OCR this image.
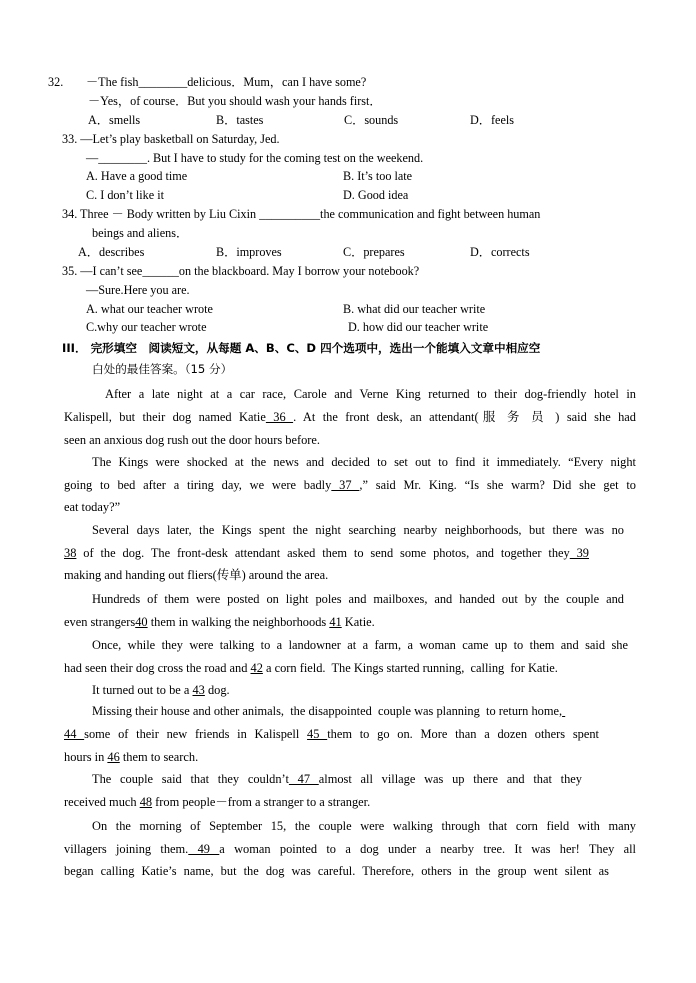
32. －The fish________delicious．Mum，can I have some?
－Yes，of course．But you should wash your hands first．
A．smells	B．tastes	C．sounds	D．feels
33. —Let’s play basketball on Saturday, Jed.
—________. But I have to study for the coming test on the weekend.
A. Have a good time	B. It’s too late
C. I don’t like it	D. Good idea
34. Three － Body written by Liu Cixin __________the communication and fight between human
beings and aliens．
A．describes	B．improves	C．prepares	D．corrects
35. —I can’t see______on the blackboard. May I borrow your notebook?
—Sure.Here you are.
A. what our teacher wrote	B. what did our teacher write
C.why our teacher wrote	D. how did our teacher write
III． 完形填空　阅读短文，从每题 A、B、C、D 四个选项中，选出一个能填入文章中相应空
白处的最佳答案。（15 分）
After a late night at a car race, Carole and Verne King returned to their dog-friendly hotel in
Kalispell, but their dog named Katie 36 . At the front desk, an attendant(服 务 员 ) said she had
seen an anxious dog rush out the door hours before.
The Kings were shocked at the news and decided to set out to find it immediately. “Every night
going to bed after a tiring day, we were badly 37 ,” said Mr. King. “Is she warm? Did she get to
eat today?”
Several days later, the Kings spent the night searching nearby neighborhoods, but there was no
38 of the dog. The front-desk attendant asked them to send some photos, and together they 39
making and handing out fliers(传单) around the area.
Hundreds of them were posted on light poles and mailboxes, and handed out by the couple and
even strangers40 them in walking the neighborhoods 41 Katie.
Once, while they were talking to a landowner at a farm, a woman came up to them and said she
had seen their dog cross the road and 42 a corn field.  The Kings started running,  calling  for Katie.
It turned out to be a 43 dog.
Missing their house and other animals,  the disappointed  couple was planning  to return home,
44 some of their new friends in Kalispell 45 them to go on. More than a dozen others spent
hours in 46 them to search.
The couple said that they couldn’t 47 almost all village was up there and that they
received much 48 from people－from a stranger to a stranger.
On the morning of September 15, the couple were walking through that corn field with many
villagers joining them. 49 a woman pointed to a dog under a nearby tree. It was her! They all
began calling Katie’s name, but the dog was careful. Therefore, others in the group went silent as
